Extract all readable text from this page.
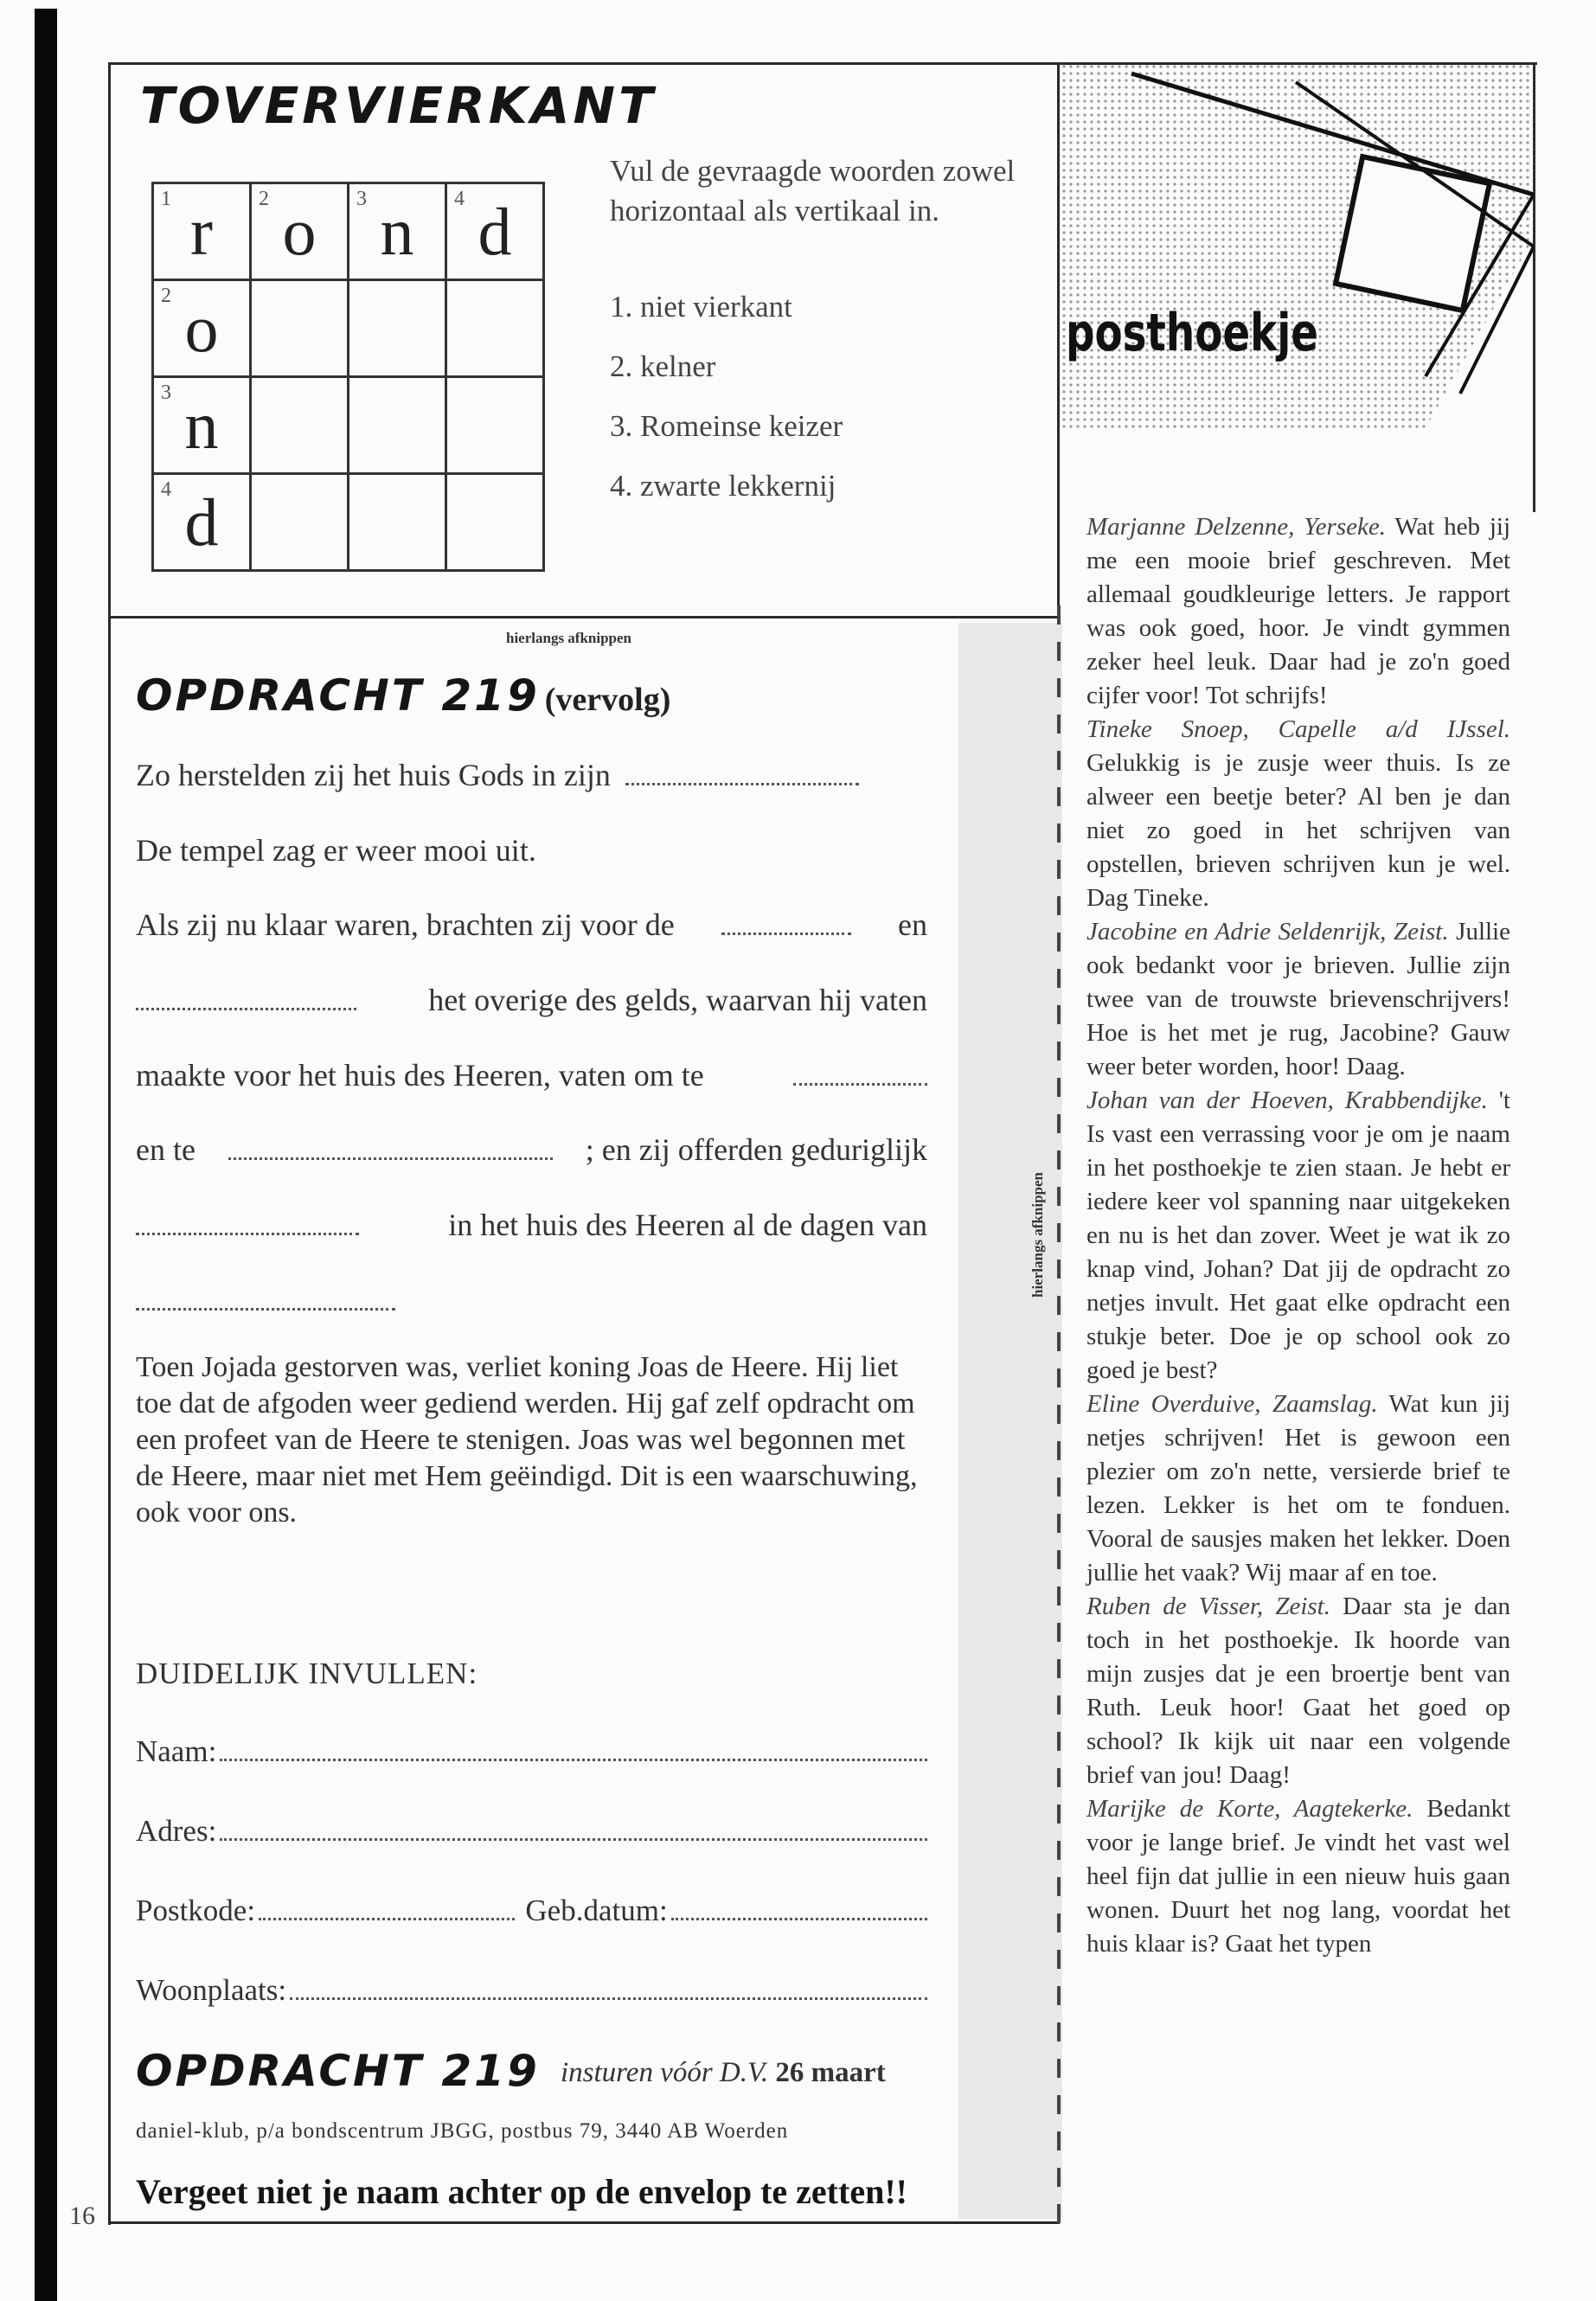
TOVERVIERKANT
1 r	2 o	3 n	4 d

2 o			

3 n			

4 d			
Vul de gevraagde woorden zowel horizontaal als vertikaal in.
1. niet vierkant
2. kelner
3. Romeinse keizer
4. zwarte lekkernij
hierlangs afknippen
hierlangs afknippen
OPDRACHT 219 (vervolg)
Zo herstelden zij het huis Gods in zijn
De tempel zag er weer mooi uit.
Als zij nu klaar waren, brachten zij voor de	en
het overige des gelds, waarvan hij vaten
maakte voor het huis des Heeren, vaten om te
en te	; en zij offerden geduriglijk
in het huis des Heeren al de dagen van
Toen Jojada gestorven was, verliet koning Joas de Heere. Hij liet toe dat de afgoden weer gediend werden. Hij gaf zelf opdracht om een profeet van de Heere te stenigen. Joas was wel begonnen met de Heere, maar niet met Hem geëindigd. Dit is een waarschuwing, ook voor ons.
DUIDELIJK INVULLEN:
Naam:
Adres:
Postkode:	Geb.datum:
Woonplaats:
OPDRACHT 219 insturen vóór D.V. 26 maart
daniel-klub, p/a bondscentrum JBGG, postbus 79, 3440 AB Woerden
Vergeet niet je naam achter op de envelop te zetten!!
16
posthoekje

Marjanne Delzenne, Yerseke. Wat heb jij me een mooie brief geschreven. Met allemaal goudkleurige letters. Je rapport was ook goed, hoor. Je vindt gymmen zeker heel leuk. Daar had je zo'n goed cijfer voor! Tot schrijfs!

Tineke Snoep, Capelle a/d IJssel. Gelukkig is je zusje weer thuis. Is ze alweer een beetje beter? Al ben je dan niet zo goed in het schrijven van opstellen, brieven schrijven kun je wel. Dag Tineke.

Jacobine en Adrie Seldenrijk, Zeist. Jullie ook bedankt voor je brieven. Jullie zijn twee van de trouwste brievenschrijvers! Hoe is het met je rug, Jacobine? Gauw weer beter worden, hoor! Daag.

Johan van der Hoeven, Krabbendijke. 't Is vast een verrassing voor je om je naam in het posthoekje te zien staan. Je hebt er iedere keer vol spanning naar uitgekeken en nu is het dan zover. Weet je wat ik zo knap vind, Johan? Dat jij de opdracht zo netjes invult. Het gaat elke opdracht een stukje beter. Doe je op school ook zo goed je best?

Eline Overduive, Zaamslag. Wat kun jij netjes schrijven! Het is gewoon een plezier om zo'n nette, versierde brief te lezen. Lekker is het om te fonduen. Vooral de sausjes maken het lekker. Doen jullie het vaak? Wij maar af en toe.

Ruben de Visser, Zeist. Daar sta je dan toch in het posthoekje. Ik hoorde van mijn zusjes dat je een broertje bent van Ruth. Leuk hoor! Gaat het goed op school? Ik kijk uit naar een volgende brief van jou! Daag!

Marijke de Korte, Aagtekerke. Bedankt voor je lange brief. Je vindt het vast wel heel fijn dat jullie in een nieuw huis gaan wonen. Duurt het nog lang, voordat het huis klaar is? Gaat het typen
